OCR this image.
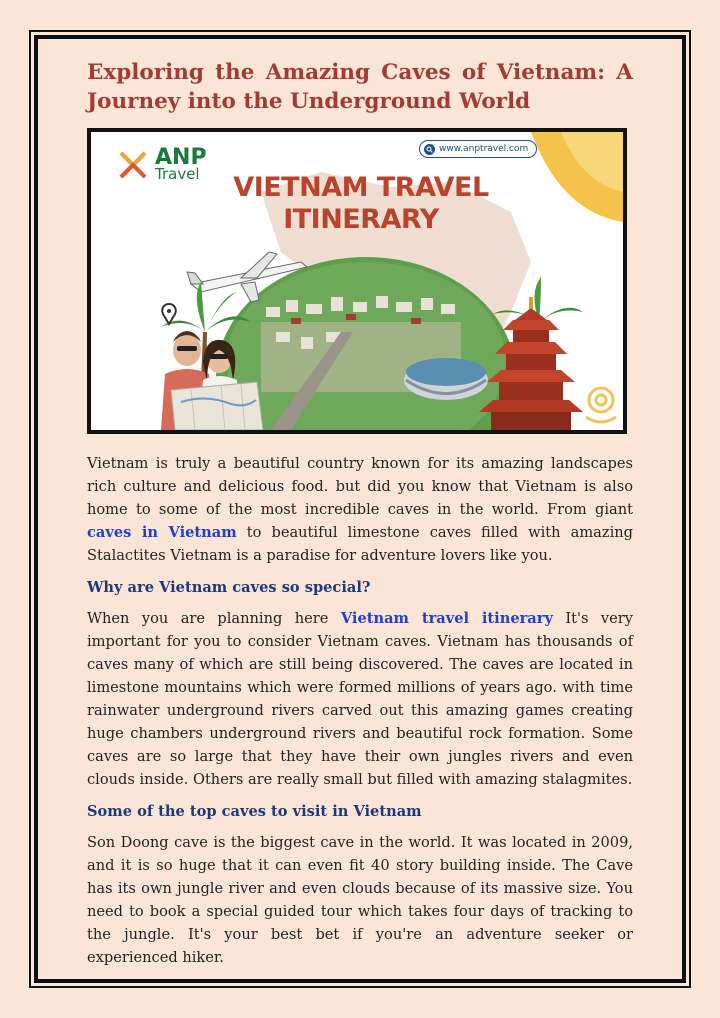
Exploring the Amazing Caves of Vietnam: A Journey into the Underground World
ANP
Travel
www.anptravel.com
VIETNAM TRAVEL
ITINERARY

Vietnam is truly a beautiful country known for its amazing landscapes rich culture and delicious food. but did you know that Vietnam is also home to some of the most incredible caves in the world. From giant caves in Vietnam to beautiful limestone caves filled with amazing Stalactites Vietnam is a paradise for adventure lovers like you.

Why are Vietnam caves so special?

When you are planning here Vietnam travel itinerary It's very important for you to consider Vietnam caves. Vietnam has thousands of caves many of which are still being discovered. The caves are located in limestone mountains which were formed millions of years ago. with time rainwater underground rivers carved out this amazing games creating huge chambers underground rivers and beautiful rock formation. Some caves are so large that they have their own jungles rivers and even clouds inside. Others are really small but filled with amazing stalagmites.

Some of the top caves to visit in Vietnam

Son Doong cave is the biggest cave in the world. It was located in 2009, and it is so huge that it can even fit 40 story building inside. The Cave has its own jungle river and even clouds because of its massive size. You need to book a special guided tour which takes four days of tracking to the jungle. It's your best bet if you're an adventure seeker or experienced hiker.
